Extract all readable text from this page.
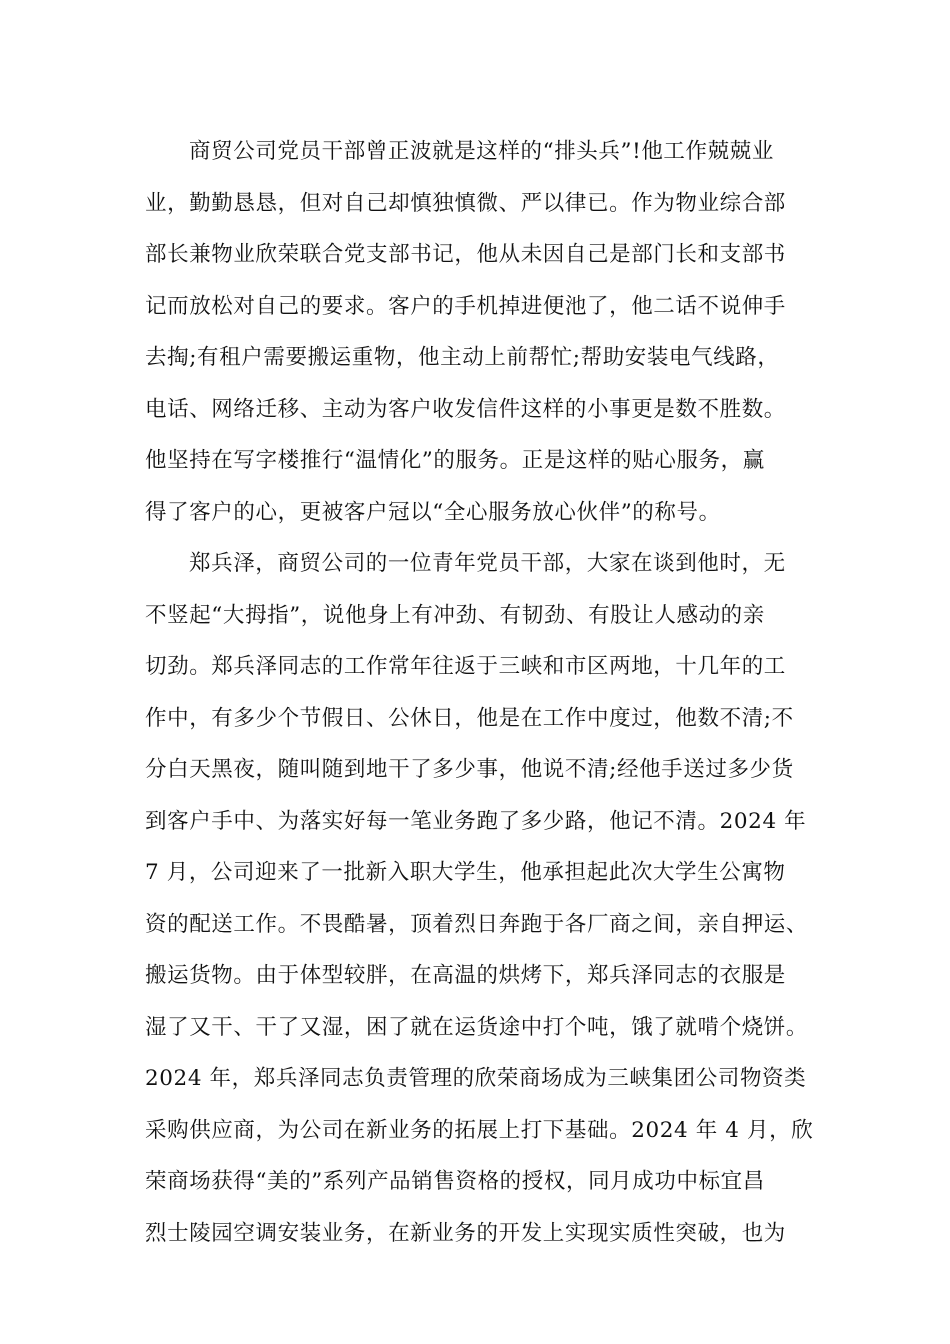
商贸公司党员干部曾正波就是这样的“排头兵”!他工作兢兢业
业，勤勤恳恳，但对自己却慎独慎微、严以律已。作为物业综合部
部长兼物业欣荣联合党支部书记，他从未因自己是部门长和支部书
记而放松对自己的要求。客户的手机掉进便池了，他二话不说伸手
去掏;有租户需要搬运重物，他主动上前帮忙;帮助安装电气线路，
电话、网络迁移、主动为客户收发信件这样的小事更是数不胜数。
他坚持在写字楼推行“温情化”的服务。正是这样的贴心服务，赢
得了客户的心，更被客户冠以“全心服务放心伙伴”的称号。
郑兵泽，商贸公司的一位青年党员干部，大家在谈到他时，无
不竖起“大拇指”，说他身上有冲劲、有韧劲、有股让人感动的亲
切劲。郑兵泽同志的工作常年往返于三峡和市区两地，十几年的工
作中，有多少个节假日、公休日，他是在工作中度过，他数不清;不
分白天黑夜，随叫随到地干了多少事，他说不清;经他手送过多少货
到客户手中、为落实好每一笔业务跑了多少路，他记不清。2024 年
7 月，公司迎来了一批新入职大学生，他承担起此次大学生公寓物
资的配送工作。不畏酷暑，顶着烈日奔跑于各厂商之间，亲自押运、
搬运货物。由于体型较胖，在高温的烘烤下，郑兵泽同志的衣服是
湿了又干、干了又湿，困了就在运货途中打个吨，饿了就啃个烧饼。
2024 年，郑兵泽同志负责管理的欣荣商场成为三峡集团公司物资类
采购供应商，为公司在新业务的拓展上打下基础。2024 年 4 月，欣
荣商场获得“美的”系列产品销售资格的授权，同月成功中标宜昌
烈士陵园空调安装业务，在新业务的开发上实现实质性突破，也为
